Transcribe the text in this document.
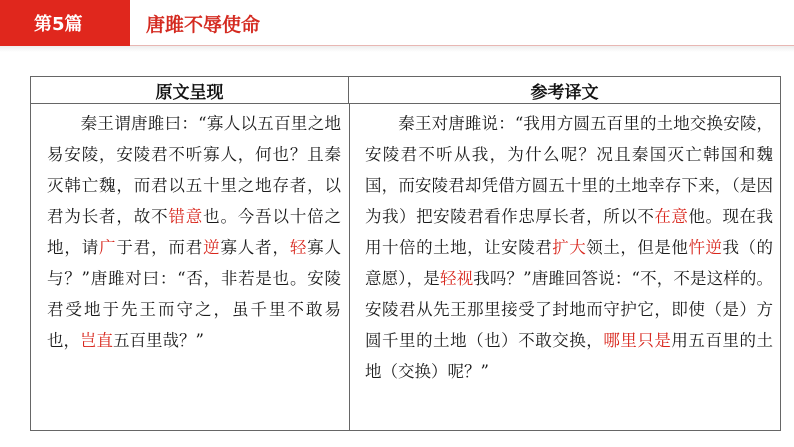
第5篇	唐雎不辱使命
原文呈现	参考译文
　　秦王谓唐雎曰：“寡人以五百里之地易安陵，安陵君不听寡人，何也？且秦灭韩亡魏，而君以五十里之地存者，以君为长者，故不错意也。今吾以十倍之地，请广于君，而君逆寡人者，轻寡人与？”唐雎对曰：“否，非若是也。安陵君受地于先王而守之，虽千里不敢易也，岂直五百里哉？”
　　秦王对唐雎说：“我用方圆五百里的土地交换安陵，安陵君不听从我，为什么呢？况且秦国灭亡韩国和魏国，而安陵君却凭借方圆五十里的土地幸存下来，（是因为我）把安陵君看作忠厚长者，所以不在意他。现在我用十倍的土地，让安陵君扩大领土，但是他忤逆我（的意愿），是轻视我吗？”唐雎回答说：“不，不是这样的。安陵君从先王那里接受了封地而守护它，即使（是）方圆千里的土地（也）不敢交换，哪里只是用五百里的土地（交换）呢？”
